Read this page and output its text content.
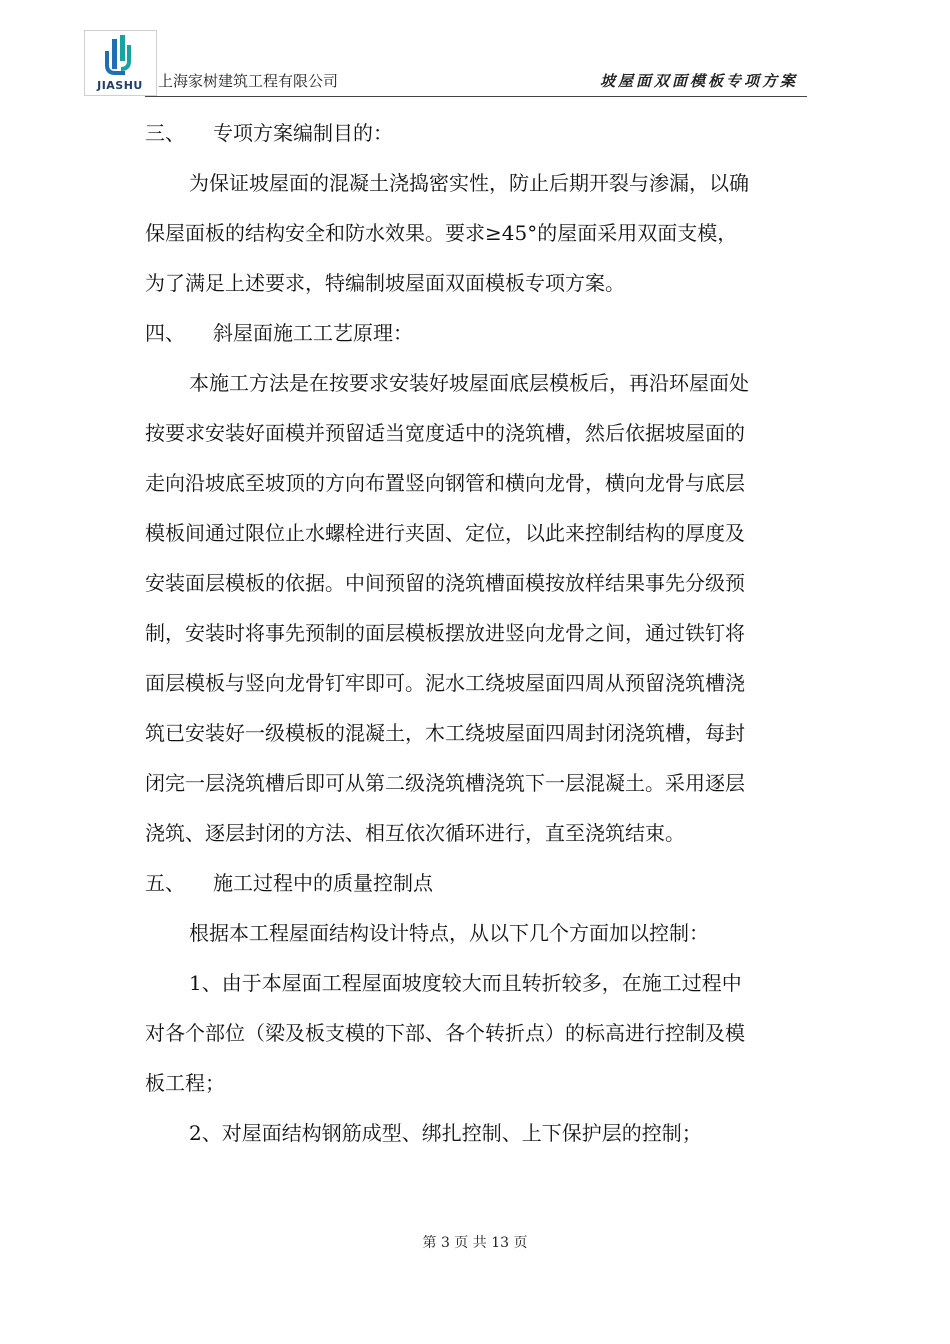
JIASHU 上海家树建筑工程有限公司	坡屋面双面模板专项方案
三、 专项方案编制目的：
为保证坡屋面的混凝土浇捣密实性，防止后期开裂与渗漏，以确
保屋面板的结构安全和防水效果。要求≥45°的屋面采用双面支模，
为了满足上述要求，特编制坡屋面双面模板专项方案。
四、 斜屋面施工工艺原理：
本施工方法是在按要求安装好坡屋面底层模板后，再沿环屋面处
按要求安装好面模并预留适当宽度适中的浇筑槽，然后依据坡屋面的
走向沿坡底至坡顶的方向布置竖向钢管和横向龙骨，横向龙骨与底层
模板间通过限位止水螺栓进行夹固、定位，以此来控制结构的厚度及
安装面层模板的依据。中间预留的浇筑槽面模按放样结果事先分级预
制，安装时将事先预制的面层模板摆放进竖向龙骨之间，通过铁钉将
面层模板与竖向龙骨钉牢即可。泥水工绕坡屋面四周从预留浇筑槽浇
筑已安装好一级模板的混凝土，木工绕坡屋面四周封闭浇筑槽，每封
闭完一层浇筑槽后即可从第二级浇筑槽浇筑下一层混凝土。采用逐层
浇筑、逐层封闭的方法、相互依次循环进行，直至浇筑结束。
五、 施工过程中的质量控制点
根据本工程屋面结构设计特点，从以下几个方面加以控制：
1、由于本屋面工程屋面坡度较大而且转折较多，在施工过程中
对各个部位（梁及板支模的下部、各个转折点）的标高进行控制及模
板工程；
2、对屋面结构钢筋成型、绑扎控制、上下保护层的控制；
第 3 页 共 13 页
